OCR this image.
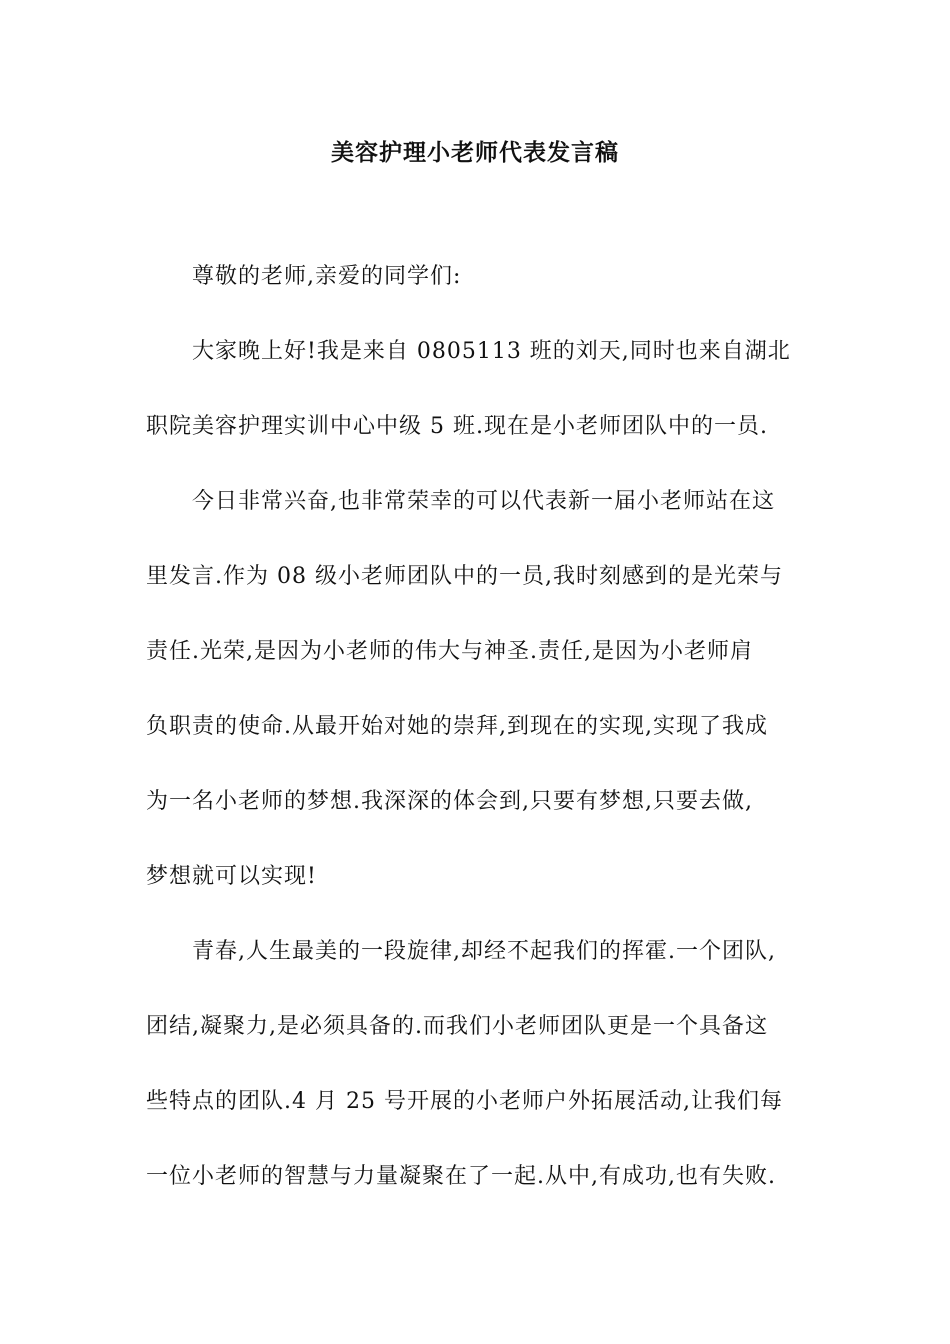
美容护理小老师代表发言稿
尊敬的老师,亲爱的同学们:
大家晚上好!我是来自 0805113 班的刘天,同时也来自湖北
职院美容护理实训中心中级 5 班.现在是小老师团队中的一员.
今日非常兴奋,也非常荣幸的可以代表新一届小老师站在这
里发言.作为 08 级小老师团队中的一员,我时刻感到的是光荣与
责任.光荣,是因为小老师的伟大与神圣.责任,是因为小老师肩
负职责的使命.从最开始对她的崇拜,到现在的实现,实现了我成
为一名小老师的梦想.我深深的体会到,只要有梦想,只要去做,
梦想就可以实现!
青春,人生最美的一段旋律,却经不起我们的挥霍.一个团队,
团结,凝聚力,是必须具备的.而我们小老师团队更是一个具备这
些特点的团队.4 月 25 号开展的小老师户外拓展活动,让我们每
一位小老师的智慧与力量凝聚在了一起.从中,有成功,也有失败.
